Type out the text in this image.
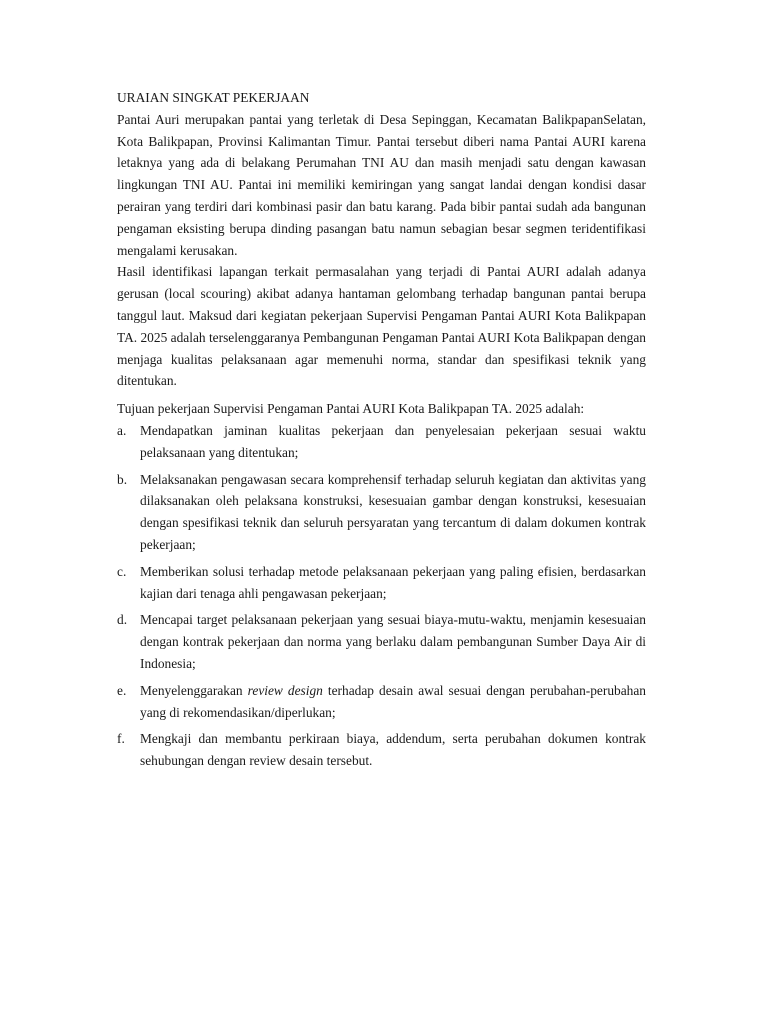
URAIAN SINGKAT PEKERJAAN

Pantai Auri merupakan pantai yang terletak di Desa Sepinggan, Kecamatan BalikpapanSelatan, Kota Balikpapan, Provinsi Kalimantan Timur. Pantai tersebut diberi nama Pantai AURI karena letaknya yang ada di belakang Perumahan TNI AU dan masih menjadi satu dengan kawasan lingkungan TNI AU. Pantai ini memiliki kemiringan yang sangat landai dengan kondisi dasar perairan yang terdiri dari kombinasi pasir dan batu karang. Pada bibir pantai sudah ada bangunan pengaman eksisting berupa dinding pasangan batu namun sebagian besar segmen teridentifikasi mengalami kerusakan.

Hasil identifikasi lapangan terkait permasalahan yang terjadi di Pantai AURI adalah adanya gerusan (local scouring) akibat adanya hantaman gelombang terhadap bangunan pantai berupa tanggul laut. Maksud dari kegiatan pekerjaan Supervisi Pengaman Pantai AURI Kota Balikpapan TA. 2025 adalah terselenggaranya Pembangunan Pengaman Pantai AURI Kota Balikpapan dengan menjaga kualitas pelaksanaan agar memenuhi norma, standar dan spesifikasi teknik yang ditentukan.

Tujuan pekerjaan Supervisi Pengaman Pantai AURI Kota Balikpapan TA. 2025 adalah:

a. Mendapatkan jaminan kualitas pekerjaan dan penyelesaian pekerjaan sesuai waktu pelaksanaan yang ditentukan;
b. Melaksanakan pengawasan secara komprehensif terhadap seluruh kegiatan dan aktivitas yang dilaksanakan oleh pelaksana konstruksi, kesesuaian gambar dengan konstruksi, kesesuaian dengan spesifikasi teknik dan seluruh persyaratan yang tercantum di dalam dokumen kontrak pekerjaan;
c. Memberikan solusi terhadap metode pelaksanaan pekerjaan yang paling efisien, berdasarkan kajian dari tenaga ahli pengawasan pekerjaan;
d. Mencapai target pelaksanaan pekerjaan yang sesuai biaya-mutu-waktu, menjamin kesesuaian dengan kontrak pekerjaan dan norma yang berlaku dalam pembangunan Sumber Daya Air di Indonesia;
e. Menyelenggarakan review design terhadap desain awal sesuai dengan perubahan-perubahan yang di rekomendasikan/diperlukan;
f. Mengkaji dan membantu perkiraan biaya, addendum, serta perubahan dokumen kontrak sehubungan dengan review desain tersebut.
